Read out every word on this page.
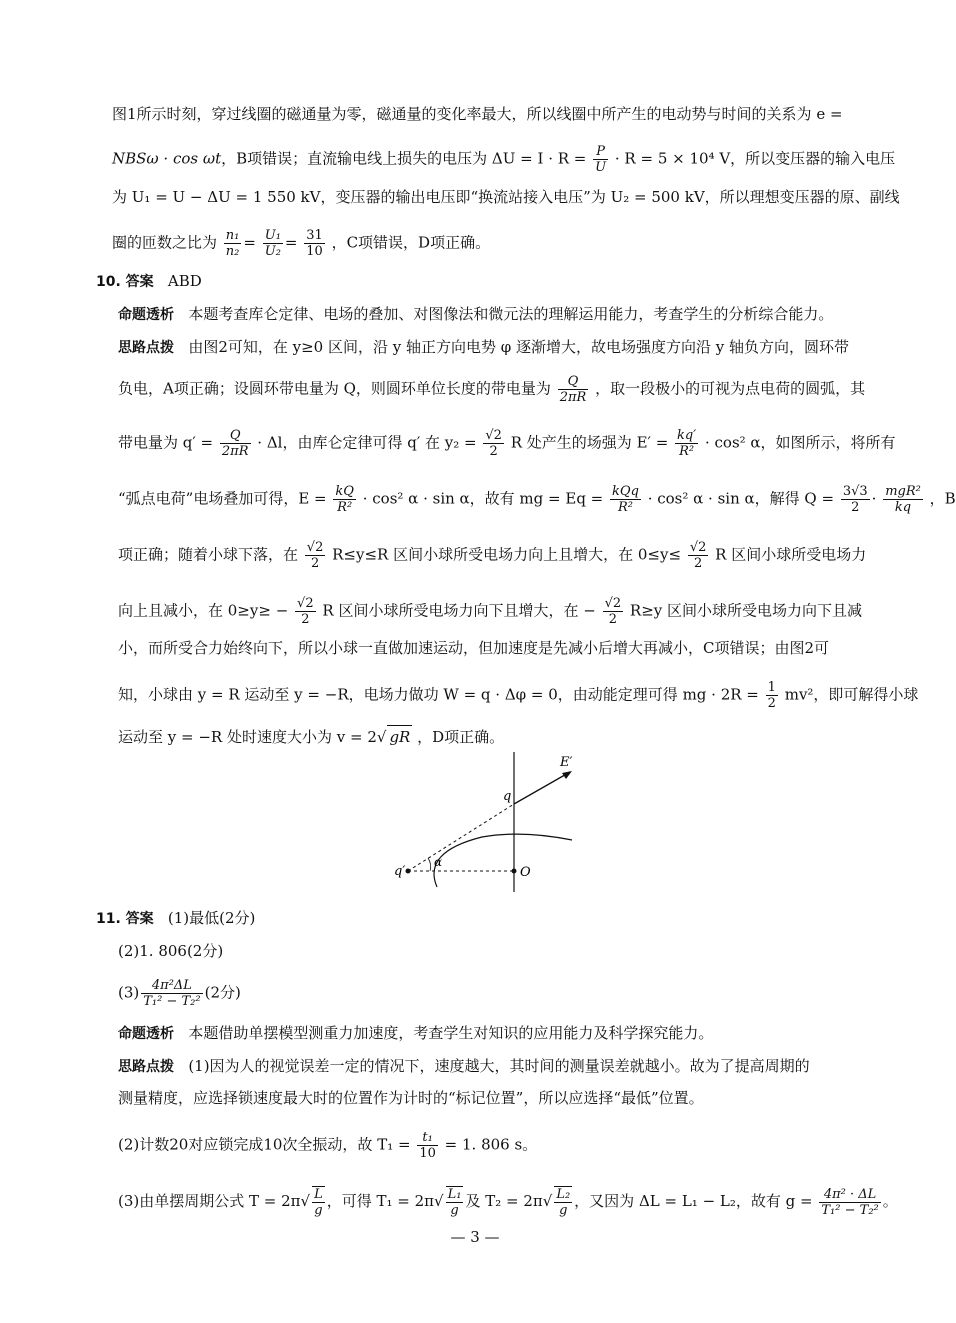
图1所示时刻，穿过线圈的磁通量为零，磁通量的变化率最大，所以线圈中所产生的电动势与时间的关系为 e =
NBSω · cos ωt，B项错误；直流输电线上损失的电压为 $\Delta U = I \cdot R = \frac{P}{U} \cdot R = 5 \times 10^4$ V，所以变压器的输入电压
为 U₁ = U − ΔU = 1 550 kV，变压器的输出电压即“换流站接入电压”为 U₂ = 500 kV，所以理想变压器的原、副线
圈的匝数之比为 $\frac{\text{n₁}}{\text{n₂}} = \frac{\text{U₁}}{\text{U₂}} = \frac{31}{10}$ ，C项错误，D项正确。
10. 答案 ABD
命题透析 本题考查库仑定律、电场的叠加、对图像法和微元法的理解运用能力，考查学生的分析综合能力。
思路点拨 由图2可知，在 y≥0 区间，沿 y 轴正方向电势 φ 逐渐增大，故电场强度方向沿 y 轴负方向，圆环带
负电，A项正确；设圆环带电量为 Q，则圆环单位长度的带电量为 $\frac{Q}{2\pi R}$ ，取一段极小的可视为点电荷的圆弧，其
带电量为 $q' = \frac{Q}{2\pi R} \cdot \Delta l$，由库仑定律可得 q′ 在 $y_2 = \frac{√2}{2}$ R 处产生的场强为 $E' = \frac{kq'}{\text{R²}} \cdot \cos^2$ α，如图所示，将所有
“弧点电荷”电场叠加可得，$E = \frac{kQ}{\text{R²}} \cdot \cos^2$ α · sin α，故有 mg = $Eq = \frac{\text{kQq}}{\text{R²}} \cdot \cos^2$ α · sin α，解得 $Q = \frac{3√3}{2} \cdot \frac{\text{mgR²}}{kq}$ ，B
项正确；随着小球下落，在 $\frac{√2}{2} R\le y\le R$ 区间小球所受电场力向上且增大，在 $0\le y\le \frac{√2}{2}$ R 区间小球所受电场力
向上且减小，在 $0\ge y\ge - \frac{√2}{2}$ R 区间小球所受电场力向下且增大，在 − $\frac{√2}{2} R\ge y$ 区间小球所受电场力向下且减
小，而所受合力始终向下，所以小球一直做加速运动，但加速度是先减小后增大再减小，C项错误；由图2可
知，小球由 y = R 运动至 y = −R，电场力做功 W = q · Δφ = 0，由动能定理可得 mg · $2R = \frac{1}{2} mv^2$，即可解得小球
运动至 y = −R 处时速度大小为 v = 2√ gR ，D项正确。
E′
q
α
q′	O
11. 答案 (1)最低(2分)
(2)1. 806(2分)
$(3) \frac{\text{4π²ΔL}}{\text{T₁² − T₂²}} (2$分)
命题透析 本题借助单摆模型测重力加速度，考查学生对知识的应用能力及科学探究能力。
思路点拨 (1)因为人的视觉误差一定的情况下，速度越大，其时间的测量误差就越小。故为了提高周期的
测量精度，应选择锁速度最大时的位置作为计时的“标记位置”，所以应选择“最低”位置。
(2)计数20对应锁完成10次全振动，故 $T_1 = \frac{\text{t₁}}{10} = 1$. 806 s。
(3)由单摆周期公式 $T = 2\pi√ \frac{L}{g}$ ，可得 $T_1 = 2\pi√ \frac{\text{L₁}}{g}$ 及 $T_2 = 2\pi√ \frac{\text{L₂}}{g}$ ，又因为 ΔL = L₁ − L₂，故有 $g = \frac{\text{4π² · ΔL}}{\text{T₁² − T₂²}}$ 。
— 3 —
